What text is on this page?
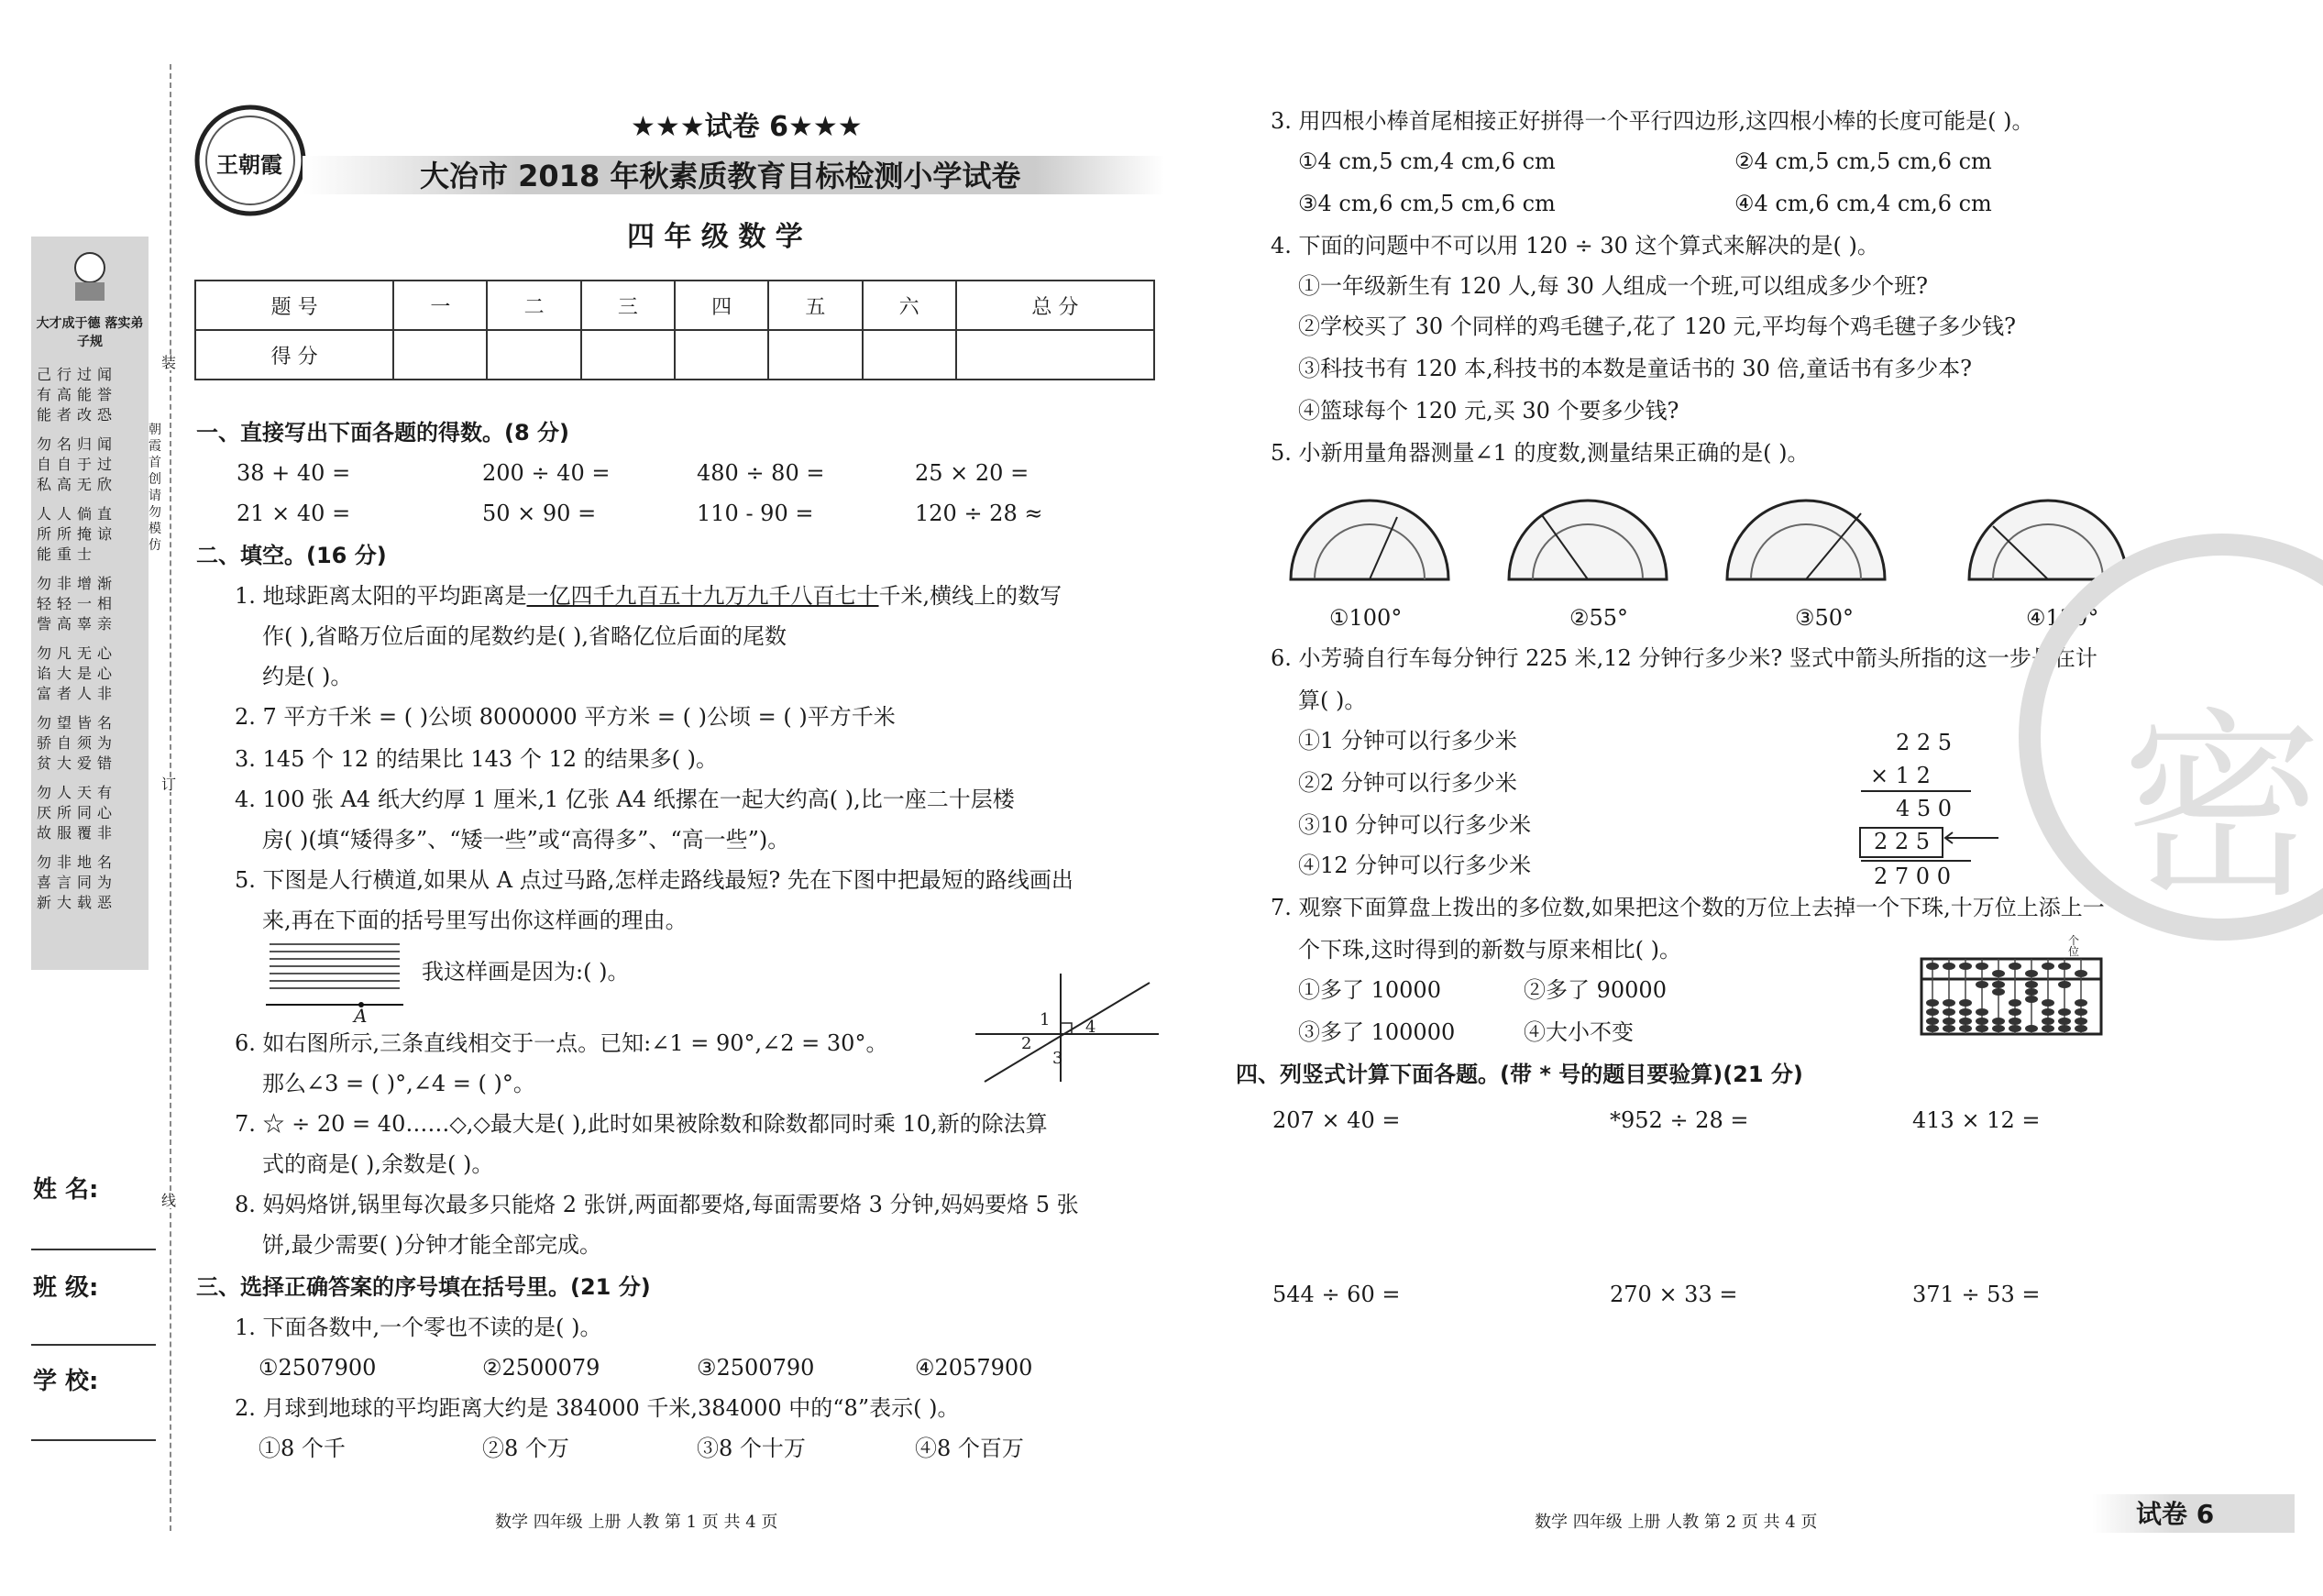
装
订
线
朝霞首创
请勿模仿
大才成于德 落实弟子规
己行过闻
有高能誉
能者改恐
勿名归闻
自自于过
私高无欣
人人倘直
所所掩谅
能重士
勿非增渐
轻轻一相
訾高辜亲
勿凡无心
谄大是心
富者人非
勿望皆名
骄自须为
贫大爱错
勿人天有
厌所同心
故服覆非
勿非地名
喜言同为
新大载恶
姓 名:
班 级:
学 校:
王朝霞
★★★试卷 6★★★
大冶市 2018 年秋素质教育目标检测小学试卷
四 年 级 数 学
题 号	一	二	三	四	五	六	总 分
得 分							
一、直接写出下面各题的得数。(8 分)
38 + 40 =	200 ÷ 40 =	480 ÷ 80 =	25 × 20 =
21 × 40 =	50 × 90 =	110 - 90 =	120 ÷ 28 ≈
二、填空。(16 分)
1. 地球距离太阳的平均距离是一亿四千九百五十九万九千八百七十千米,横线上的数写
作( ),省略万位后面的尾数约是( ),省略亿位后面的尾数
约是( )。
2. 7 平方千米 = ( )公顷 8000000 平方米 = ( )公顷 = ( )平方千米
3. 145 个 12 的结果比 143 个 12 的结果多( )。
4. 100 张 A4 纸大约厚 1 厘米,1 亿张 A4 纸摞在一起大约高( ),比一座二十层楼
房( )(填“矮得多”、“矮一些”或“高得多”、“高一些”)。
5. 下图是人行横道,如果从 A 点过马路,怎样走路线最短? 先在下图中把最短的路线画出
来,再在下面的括号里写出你这样画的理由。
A
我这样画是因为:( )。
6. 如右图所示,三条直线相交于一点。已知:∠1 = 90°,∠2 = 30°。
那么∠3 = ( )°,∠4 = ( )°。
1
2
3
4
7. ☆ ÷ 20 = 40……◇,◇最大是( ),此时如果被除数和除数都同时乘 10,新的除法算
式的商是( ),余数是( )。
8. 妈妈烙饼,锅里每次最多只能烙 2 张饼,两面都要烙,每面需要烙 3 分钟,妈妈要烙 5 张
饼,最少需要( )分钟才能全部完成。
三、选择正确答案的序号填在括号里。(21 分)
1. 下面各数中,一个零也不读的是( )。
①2507900	②2500079	③2500790	④2057900
2. 月球到地球的平均距离大约是 384000 千米,384000 中的“8”表示( )。
①8 个千	②8 个万	③8 个十万	④8 个百万
数学 四年级 上册 人教 第 1 页 共 4 页
3. 用四根小棒首尾相接正好拼得一个平行四边形,这四根小棒的长度可能是( )。
①4 cm,5 cm,4 cm,6 cm	②4 cm,5 cm,5 cm,6 cm
③4 cm,6 cm,5 cm,6 cm	④4 cm,6 cm,4 cm,6 cm
4. 下面的问题中不可以用 120 ÷ 30 这个算式来解决的是( )。
①一年级新生有 120 人,每 30 人组成一个班,可以组成多少个班?
②学校买了 30 个同样的鸡毛毽子,花了 120 元,平均每个鸡毛毽子多少钱?
③科技书有 120 本,科技书的本数是童话书的 30 倍,童话书有多少本?
④篮球每个 120 元,买 30 个要多少钱?
5. 小新用量角器测量∠1 的度数,测量结果正确的是( )。
①100°	②55°	③50°	④130°
6. 小芳骑自行车每分钟行 225 米,12 分钟行多少米? 竖式中箭头所指的这一步是在计
算( )。
①1 分钟可以行多少米
②2 分钟可以行多少米
③10 分钟可以行多少米
④12 分钟可以行多少米
2 2 5
× 1 2
4 5 0
2 2 5
2 7 0 0
7. 观察下面算盘上拨出的多位数,如果把这个数的万位上去掉一个下珠,十万位上添上一
个下珠,这时得到的新数与原来相比( )。
①多了 10000	②多了 90000
③多了 100000	④大小不变
个位
四、列竖式计算下面各题。(带 * 号的题目要验算)(21 分)
207 × 40 =	*952 ÷ 28 =	413 × 12 =
544 ÷ 60 =	270 × 33 =	371 ÷ 53 =
密
数学 四年级 上册 人教 第 2 页 共 4 页	试卷 6
